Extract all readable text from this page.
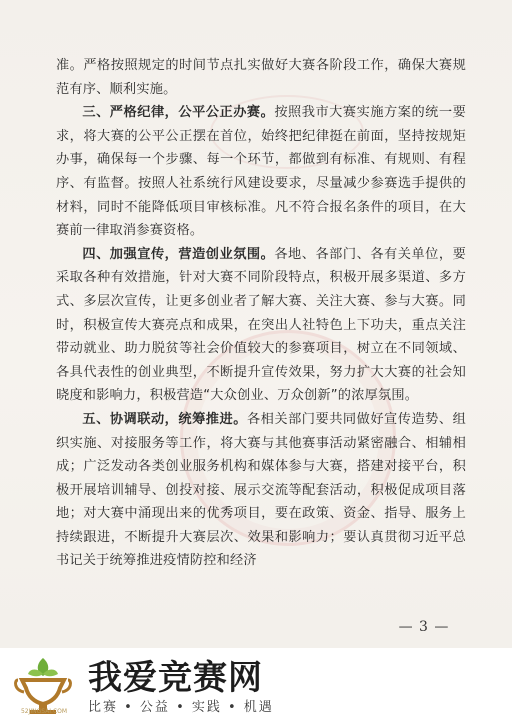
准。严格按照规定的时间节点扎实做好大赛各阶段工作，确保大赛规范有序、顺利实施。

三、严格纪律，公平公正办赛。按照我市大赛实施方案的统一要求，将大赛的公平公正摆在首位，始终把纪律挺在前面，坚持按规矩办事，确保每一个步骤、每一个环节，都做到有标准、有规则、有程序、有监督。按照人社系统行风建设要求，尽量减少参赛选手提供的材料，同时不能降低项目审核标准。凡不符合报名条件的项目，在大赛前一律取消参赛资格。

四、加强宣传，营造创业氛围。各地、各部门、各有关单位，要采取各种有效措施，针对大赛不同阶段特点，积极开展多渠道、多方式、多层次宣传，让更多创业者了解大赛、关注大赛、参与大赛。同时，积极宣传大赛亮点和成果，在突出人社特色上下功夫，重点关注带动就业、助力脱贫等社会价值较大的参赛项目，树立在不同领域、各具代表性的创业典型，不断提升宣传效果，努力扩大大赛的社会知晓度和影响力，积极营造“大众创业、万众创新”的浓厚氛围。

五、协调联动，统筹推进。各相关部门要共同做好宣传造势、组织实施、对接服务等工作，将大赛与其他赛事活动紧密融合、相辅相成；广泛发动各类创业服务机构和媒体参与大赛，搭建对接平台，积极开展培训辅导、创投对接、展示交流等配套活动，积极促成项目落地；对大赛中涌现出来的优秀项目，要在政策、资金、指导、服务上持续跟进，不断提升大赛层次、效果和影响力；要认真贯彻习近平总书记关于统筹推进疫情防控和经济

— 3 —
52JINGSAI.COM
我爱竞赛网
比赛 • 公益 • 实践 • 机遇
